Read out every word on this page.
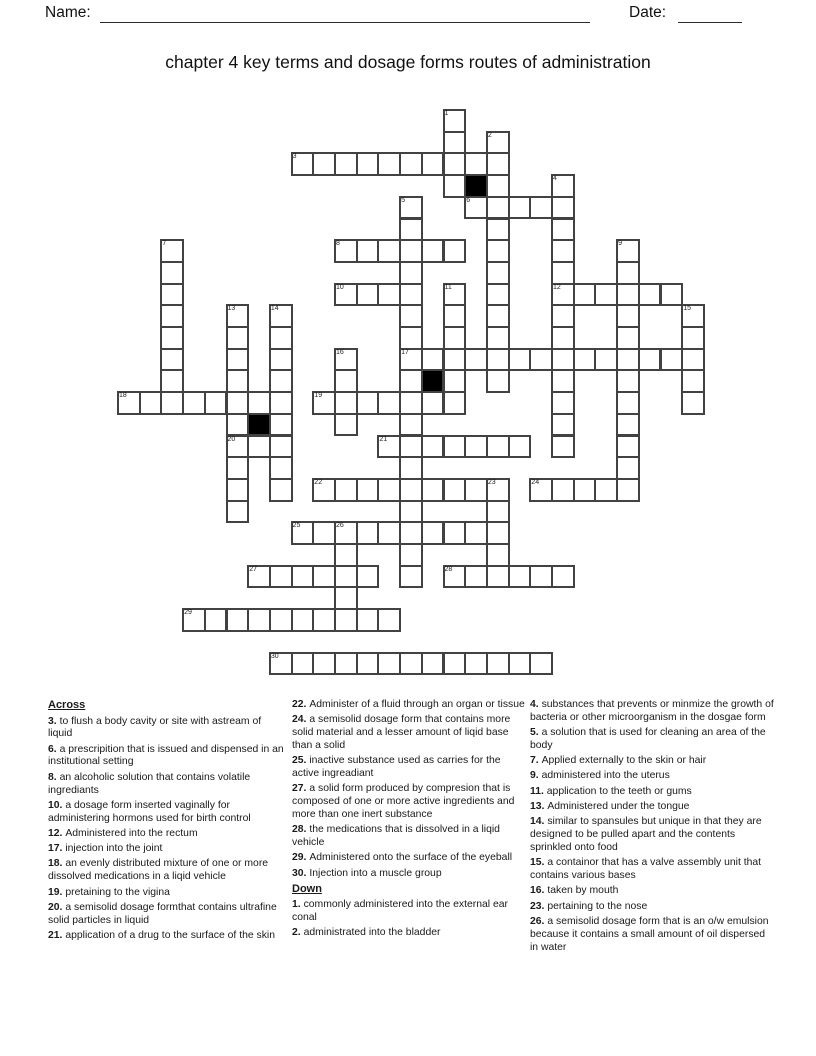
Name:	Date:
chapter 4 key terms and dosage forms routes of administration
1
2
3
4
5	6
7	8	9
10	11	12
13	14	15
16	17
18	19
20	21
22	23	24
25	26
27	28
29
30
Across

3. to flush a body cavity or site with astream of liquid

6. a prescripition that is issued and dispensed in an institutional setting

8. an alcoholic solution that contains volatile ingrediants

10. a dosage form inserted vaginally for administering hormons used for birth control

12. Administered into the rectum

17. injection into the joint

18. an evenly distributed mixture of one or more dissolved medications in a liqid vehicle

19. pretaining to the vigina

20. a semisolid dosage formthat contains ultrafine solid particles in liquid

21. application of a drug to the surface of the skin

22. Administer of a fluid through an organ or tissue

24. a semisolid dosage form that contains more solid material and a lesser amount of liqid base than a solid

25. inactive substance used as carries for the active ingreadiant

27. a solid form produced by compresion that is composed of one or more active ingredients and more than one inert substance

28. the medications that is dissolved in a liqid vehicle

29. Administered onto the surface of the eyeball

30. Injection into a muscle group

Down

1. commonly administered into the external ear conal

2. administrated into the bladder

4. substances that prevents or minmize the growth of bacteria or other microorganism in the dosgae form

5. a solution that is used for cleaning an area of the body

7. Applied externally to the skin or hair

9. administered into the uterus

11. application to the teeth or gums

13. Administered under the tongue

14. similar to spansules but unique in that they are designed to be pulled apart and the contents sprinkled onto food

15. a containor that has a valve assembly unit that contains various bases

16. taken by mouth

23. pertaining to the nose

26. a semisolid dosage form that is an o/w emulsion because it contains a small amount of oil dispersed in water
